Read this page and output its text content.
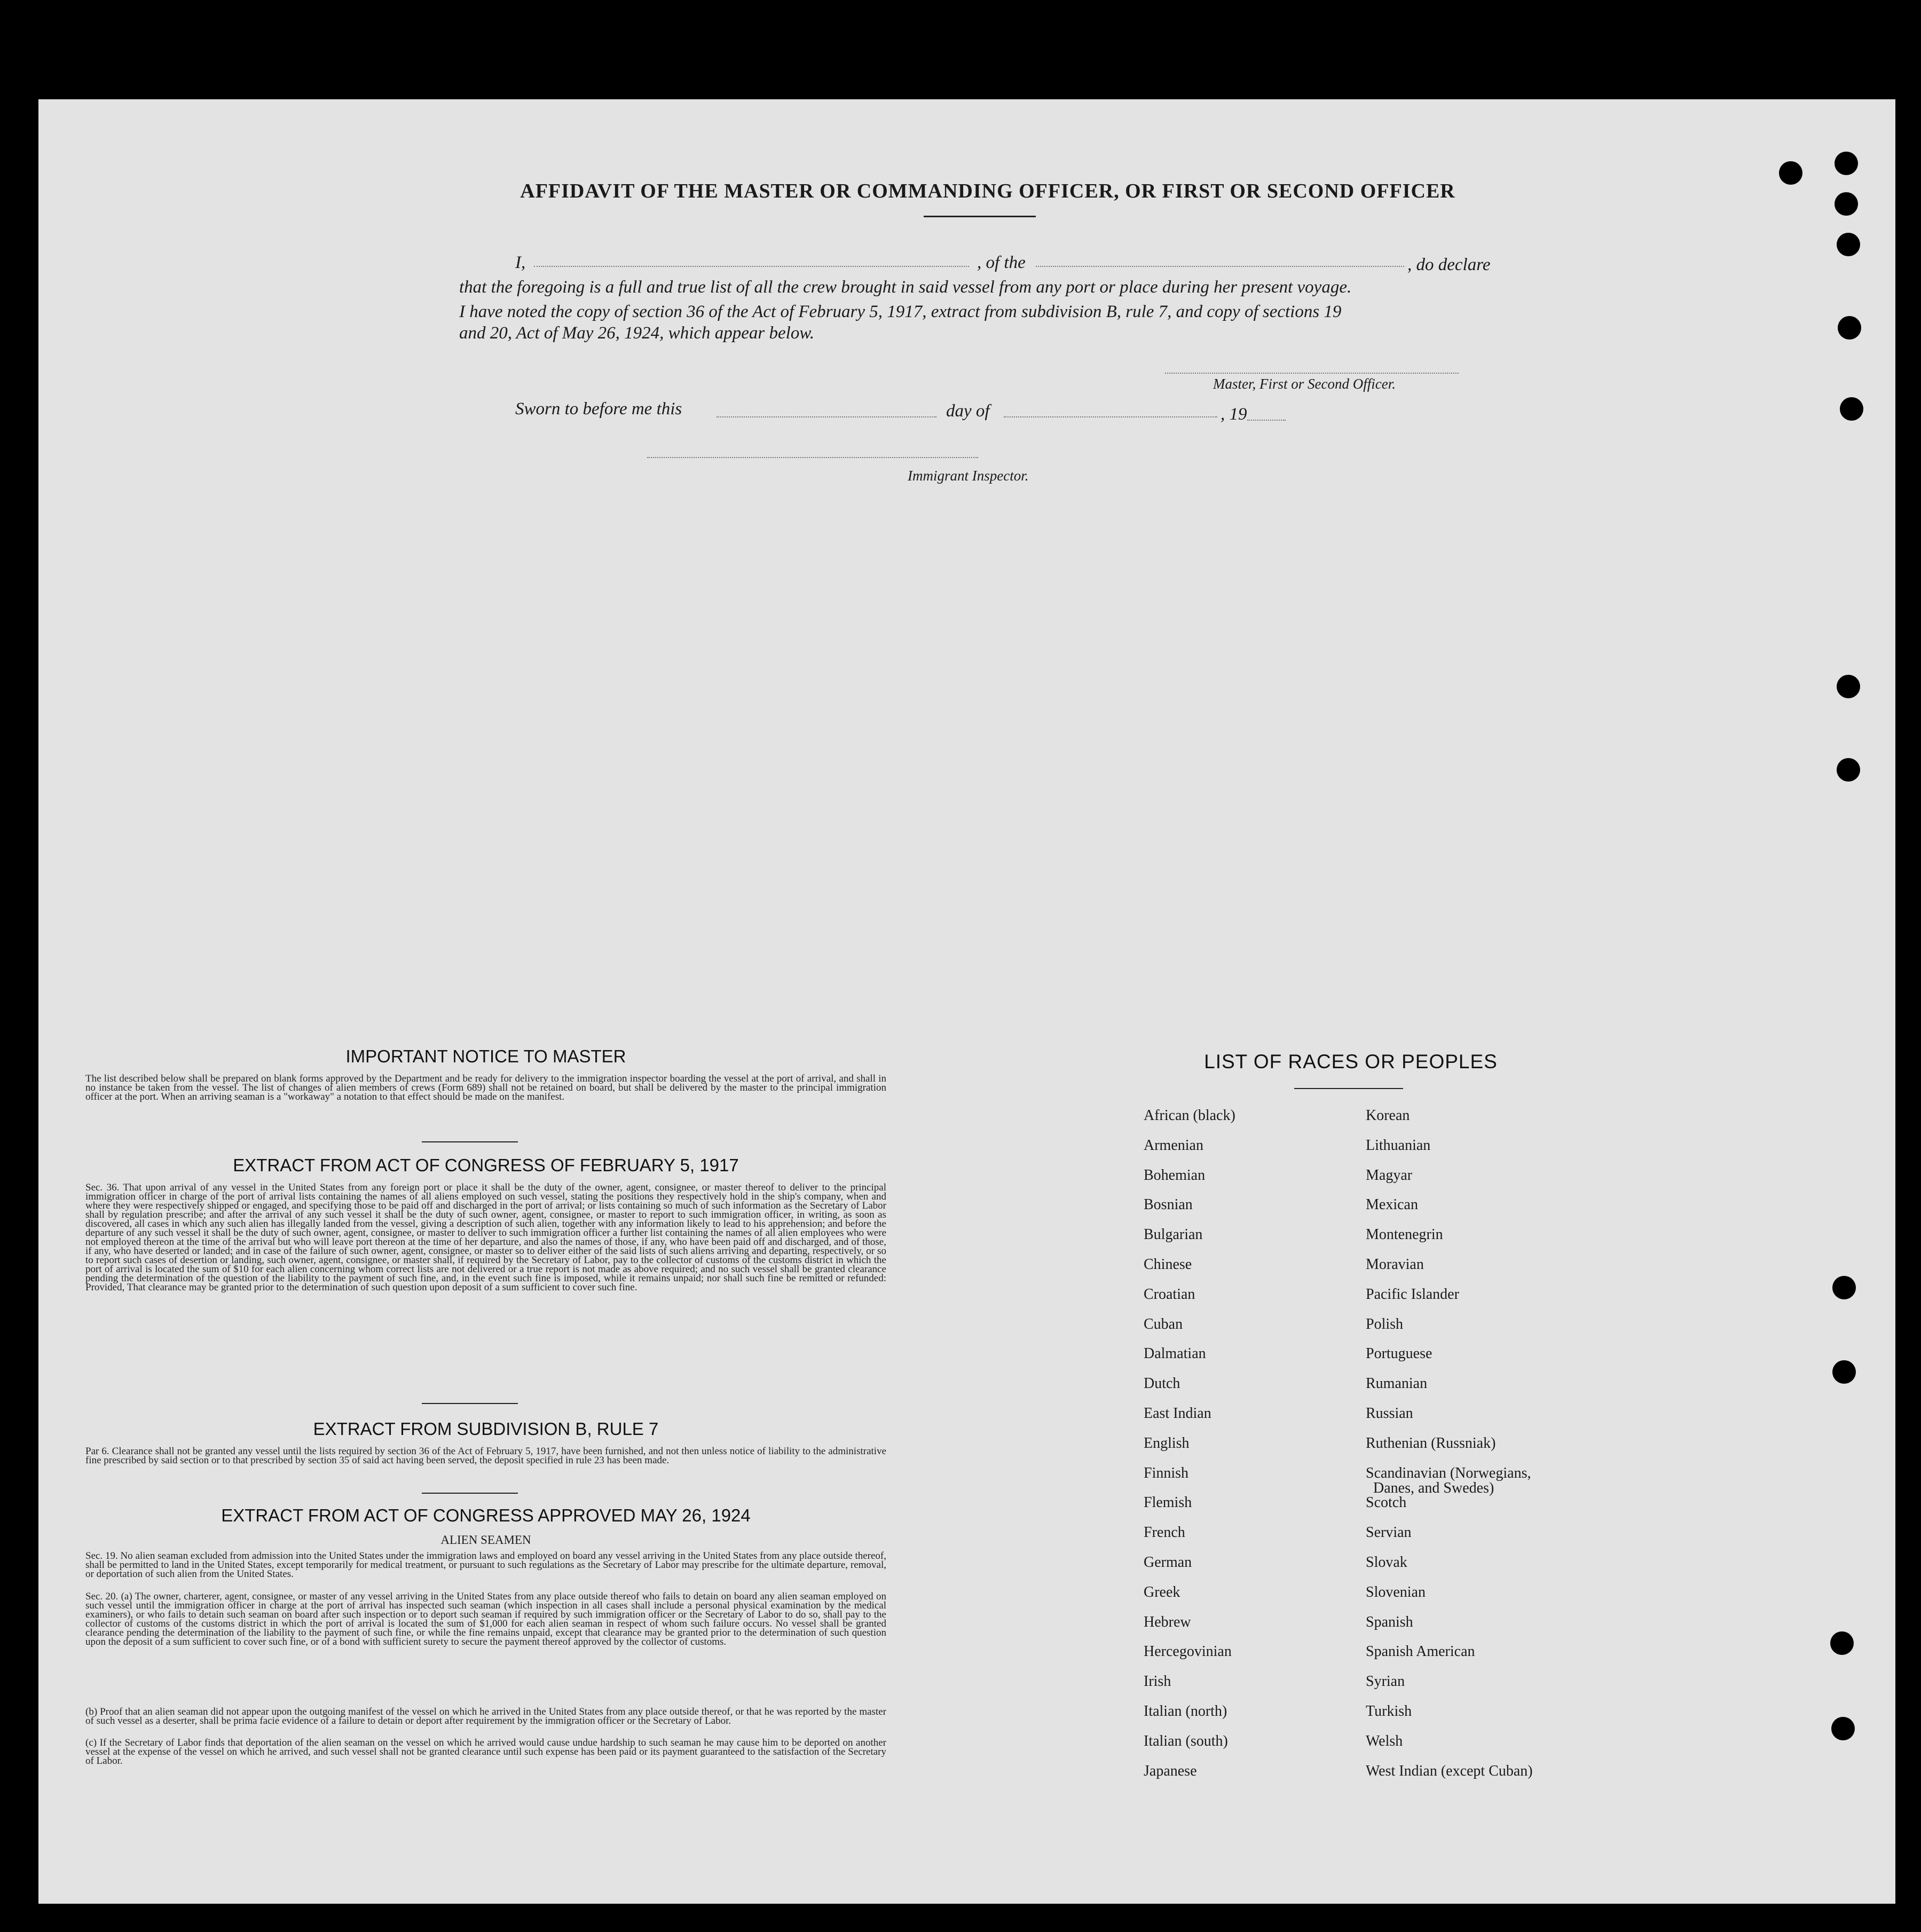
AFFIDAVIT OF THE MASTER OR COMMANDING OFFICER, OR FIRST OR SECOND OFFICER
I,	, of the	, do declare
that the foregoing is a full and true list of all the crew brought in said vessel from any port or place during her present voyage.
I have noted the copy of section 36 of the Act of February 5, 1917, extract from subdivision B, rule 7, and copy of sections 19
and 20, Act of May 26, 1924, which appear below.
Master, First or Second Officer.
Sworn to before me this	day of	, 19
Immigrant Inspector.
IMPORTANT NOTICE TO MASTER
The list described below shall be prepared on blank forms approved by the Department and be ready for delivery to the immigration inspector boarding the vessel at the port of arrival, and shall in no instance be taken from the vessel. The list of changes of alien members of crews (Form 689) shall not be retained on board, but shall be delivered by the master to the principal immigration officer at the port. When an arriving seaman is a "workaway" a notation to that effect should be made on the manifest.
EXTRACT FROM ACT OF CONGRESS OF FEBRUARY 5, 1917
Sec. 36. That upon arrival of any vessel in the United States from any foreign port or place it shall be the duty of the owner, agent, consignee, or master thereof to deliver to the principal immigration officer in charge of the port of arrival lists containing the names of all aliens employed on such vessel, stating the positions they respectively hold in the ship's company, when and where they were respectively shipped or engaged, and specifying those to be paid off and discharged in the port of arrival; or lists containing so much of such information as the Secretary of Labor shall by regulation prescribe; and after the arrival of any such vessel it shall be the duty of such owner, agent, consignee, or master to report to such immigration officer, in writing, as soon as discovered, all cases in which any such alien has illegally landed from the vessel, giving a description of such alien, together with any information likely to lead to his apprehension; and before the departure of any such vessel it shall be the duty of such owner, agent, consignee, or master to deliver to such immigration officer a further list containing the names of all alien employees who were not employed thereon at the time of the arrival but who will leave port thereon at the time of her departure, and also the names of those, if any, who have been paid off and discharged, and of those, if any, who have deserted or landed; and in case of the failure of such owner, agent, consignee, or master so to deliver either of the said lists of such aliens arriving and departing, respectively, or so to report such cases of desertion or landing, such owner, agent, consignee, or master shall, if required by the Secretary of Labor, pay to the collector of customs of the customs district in which the port of arrival is located the sum of $10 for each alien concerning whom correct lists are not delivered or a true report is not made as above required; and no such vessel shall be granted clearance pending the determination of the question of the liability to the payment of such fine, and, in the event such fine is imposed, while it remains unpaid; nor shall such fine be remitted or refunded: Provided, That clearance may be granted prior to the determination of such question upon deposit of a sum sufficient to cover such fine.
EXTRACT FROM SUBDIVISION B, RULE 7
Par 6. Clearance shall not be granted any vessel until the lists required by section 36 of the Act of February 5, 1917, have been furnished, and not then unless notice of liability to the administrative fine prescribed by said section or to that prescribed by section 35 of said act having been served, the deposit specified in rule 23 has been made.
EXTRACT FROM ACT OF CONGRESS APPROVED MAY 26, 1924
ALIEN SEAMEN
Sec. 19. No alien seaman excluded from admission into the United States under the immigration laws and employed on board any vessel arriving in the United States from any place outside thereof, shall be permitted to land in the United States, except temporarily for medical treatment, or pursuant to such regulations as the Secretary of Labor may prescribe for the ultimate departure, removal, or deportation of such alien from the United States.
Sec. 20. (a) The owner, charterer, agent, consignee, or master of any vessel arriving in the United States from any place outside thereof who fails to detain on board any alien seaman employed on such vessel until the immigration officer in charge at the port of arrival has inspected such seaman (which inspection in all cases shall include a personal physical examination by the medical examiners), or who fails to detain such seaman on board after such inspection or to deport such seaman if required by such immigration officer or the Secretary of Labor to do so, shall pay to the collector of customs of the customs district in which the port of arrival is located the sum of $1,000 for each alien seaman in respect of whom such failure occurs. No vessel shall be granted clearance pending the determination of the liability to the payment of such fine, or while the fine remains unpaid, except that clearance may be granted prior to the determination of such question upon the deposit of a sum sufficient to cover such fine, or of a bond with sufficient surety to secure the payment thereof approved by the collector of customs.
(b) Proof that an alien seaman did not appear upon the outgoing manifest of the vessel on which he arrived in the United States from any place outside thereof, or that he was reported by the master of such vessel as a deserter, shall be prima facie evidence of a failure to detain or deport after requirement by the immigration officer or the Secretary of Labor.
(c) If the Secretary of Labor finds that deportation of the alien seaman on the vessel on which he arrived would cause undue hardship to such seaman he may cause him to be deported on another vessel at the expense of the vessel on which he arrived, and such vessel shall not be granted clearance until such expense has been paid or its payment guaranteed to the satisfaction of the Secretary of Labor.
LIST OF RACES OR PEOPLES
African (black)
Armenian
Bohemian
Bosnian
Bulgarian
Chinese
Croatian
Cuban
Dalmatian
Dutch
East Indian
English
Finnish
Flemish
French
German
Greek
Hebrew
Hercegovinian
Irish
Italian (north)
Italian (south)
Japanese
Korean
Lithuanian
Magyar
Mexican
Montenegrin
Moravian
Pacific Islander
Polish
Portuguese
Rumanian
Russian
Ruthenian (Russniak)
Scandinavian (Norwegians,
Scotch
Servian
Slovak
Slovenian
Spanish
Spanish American
Syrian
Turkish
Welsh
West Indian (except Cuban)
Danes, and Swedes)
